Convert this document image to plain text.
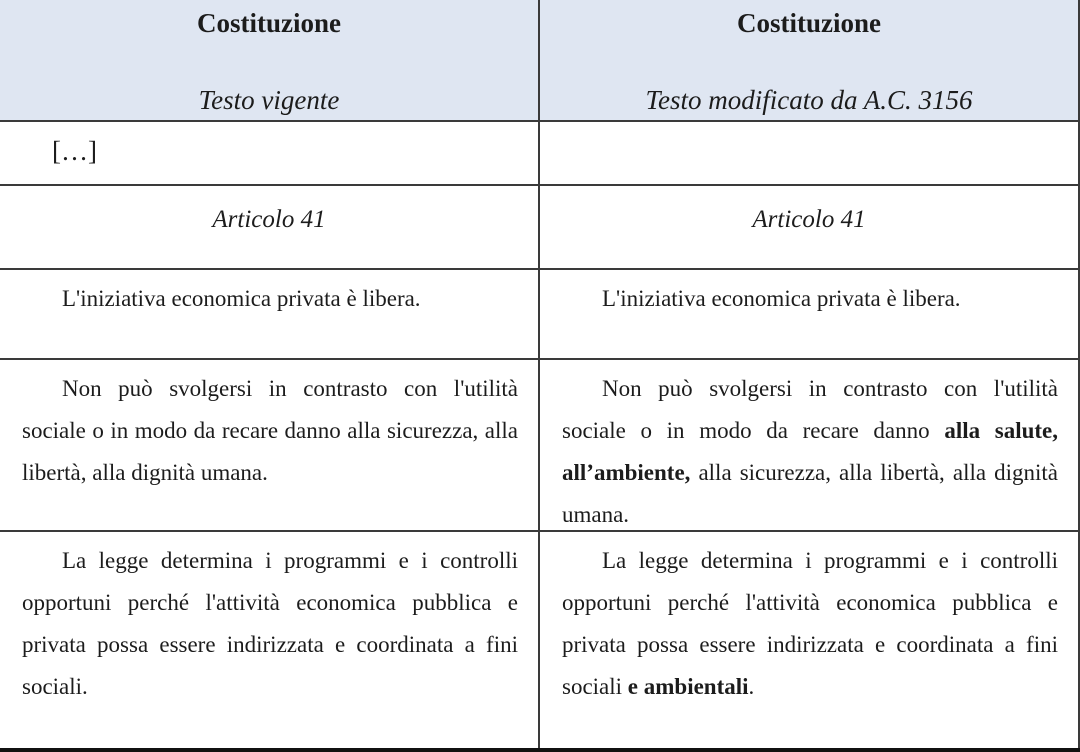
Costituzione
Testo vigente
Costituzione
Testo modificato da A.C. 3156
[…]
Articolo 41	Articolo 41
L'iniziativa economica privata è libera.	L'iniziativa economica privata è libera.
Non può svolgersi in contrasto con l'utilità sociale o in modo da recare danno alla sicurezza, alla libertà, alla dignità umana.
Non può svolgersi in contrasto con l'utilità sociale o in modo da recare danno alla salute, all’ambiente, alla sicurezza, alla libertà, alla dignità umana.
La legge determina i programmi e i controlli opportuni perché l'attività economica pubblica e privata possa essere indirizzata e coordinata a fini sociali.
La legge determina i programmi e i controlli opportuni perché l'attività economica pubblica e privata possa essere indirizzata e coordinata a fini sociali e ambientali.
